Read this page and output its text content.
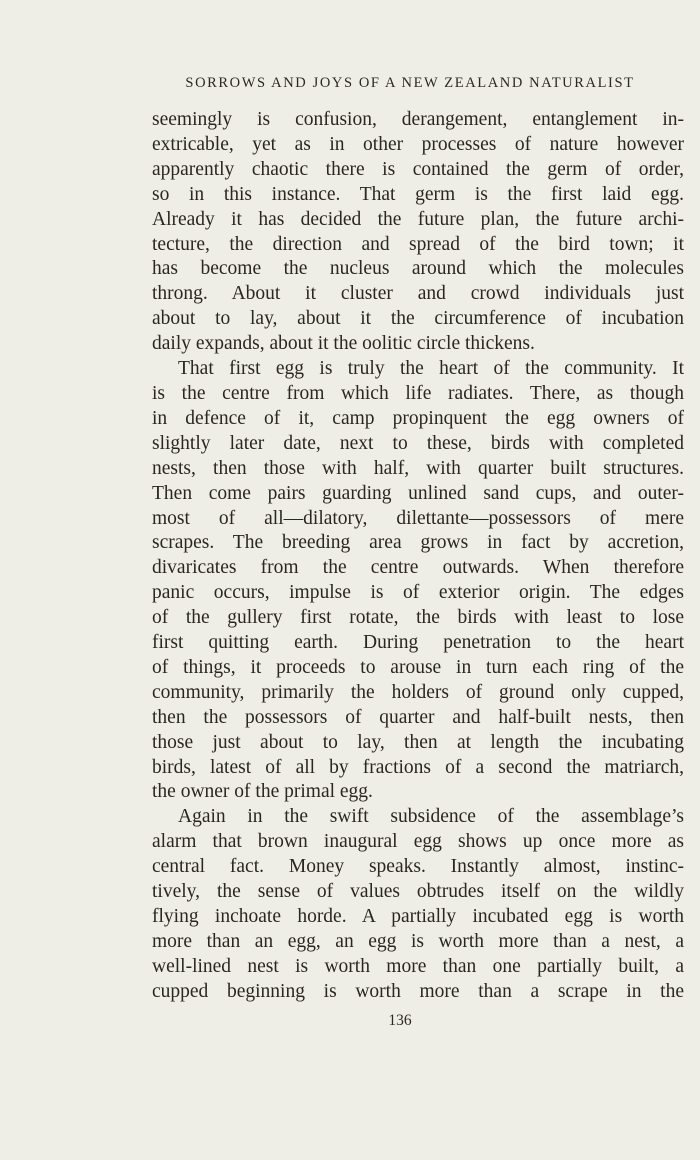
SORROWS AND JOYS OF A NEW ZEALAND NATURALIST
seemingly is confusion, derangement, entanglement in-
extricable, yet as in other processes of nature however
apparently chaotic there is contained the germ of order,
so in this instance. That germ is the first laid egg.
Already it has decided the future plan, the future archi-
tecture, the direction and spread of the bird town; it
has become the nucleus around which the molecules
throng. About it cluster and crowd individuals just
about to lay, about it the circumference of incubation
daily expands, about it the oolitic circle thickens.
That first egg is truly the heart of the community. It
is the centre from which life radiates. There, as though
in defence of it, camp propinquent the egg owners of
slightly later date, next to these, birds with completed
nests, then those with half, with quarter built structures.
Then come pairs guarding unlined sand cups, and outer-
most of all—dilatory, dilettante—possessors of mere
scrapes. The breeding area grows in fact by accretion,
divaricates from the centre outwards. When therefore
panic occurs, impulse is of exterior origin. The edges
of the gullery first rotate, the birds with least to lose
first quitting earth. During penetration to the heart
of things, it proceeds to arouse in turn each ring of the
community, primarily the holders of ground only cupped,
then the possessors of quarter and half-built nests, then
those just about to lay, then at length the incubating
birds, latest of all by fractions of a second the matriarch,
the owner of the primal egg.
Again in the swift subsidence of the assemblage’s
alarm that brown inaugural egg shows up once more as
central fact. Money speaks. Instantly almost, instinc-
tively, the sense of values obtrudes itself on the wildly
flying inchoate horde. A partially incubated egg is worth
more than an egg, an egg is worth more than a nest, a
well-lined nest is worth more than one partially built, a
cupped beginning is worth more than a scrape in the
136
